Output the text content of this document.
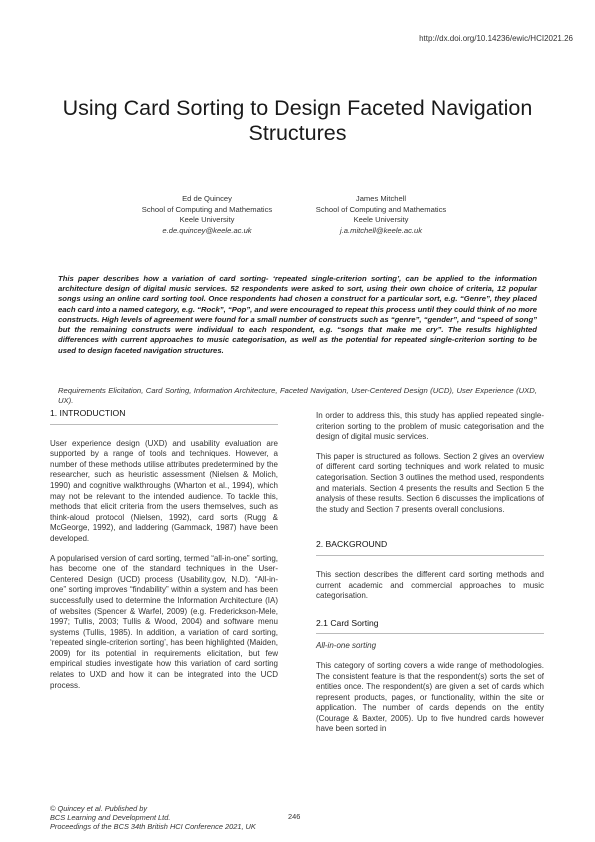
http://dx.doi.org/10.14236/ewic/HCI2021.26
Using Card Sorting to Design Faceted Navigation Structures
Ed de Quincey
School of Computing and Mathematics
Keele University
e.de.quincey@keele.ac.uk
James Mitchell
School of Computing and Mathematics
Keele University
j.a.mitchell@keele.ac.uk

This paper describes how a variation of card sorting- ‘repeated single-criterion sorting’, can be applied to the information architecture design of digital music services. 52 respondents were asked to sort, using their own choice of criteria, 12 popular songs using an online card sorting tool. Once respondents had chosen a construct for a particular sort, e.g. “Genre”, they placed each card into a named category, e.g. “Rock”, “Pop”, and were encouraged to repeat this process until they could think of no more constructs. High levels of agreement were found for a small number of constructs such as “genre”, “gender”, and “speed of song” but the remaining constructs were individual to each respondent, e.g. “songs that make me cry”. The results highlighted differences with current approaches to music categorisation, as well as the potential for repeated single-criterion sorting to be used to design faceted navigation structures.

Requirements Elicitation, Card Sorting, Information Architecture, Faceted Navigation, User-Centered Design (UCD), User Experience (UXD, UX).

1. INTRODUCTION

User experience design (UXD) and usability evaluation are supported by a range of tools and techniques. However, a number of these methods utilise attributes predetermined by the researcher, such as heuristic assessment (Nielsen & Molich, 1990) and cognitive walkthroughs (Wharton et al., 1994), which may not be relevant to the intended audience. To tackle this, methods that elicit criteria from the users themselves, such as think-aloud protocol (Nielsen, 1992), card sorts (Rugg & McGeorge, 1992), and laddering (Gammack, 1987) have been developed.

A popularised version of card sorting, termed “all-in-one” sorting, has become one of the standard techniques in the User-Centered Design (UCD) process (Usability.gov, N.D). “All-in-one” sorting improves “findability” within a system and has been successfully used to determine the Information Architecture (IA) of websites (Spencer & Warfel, 2009) (e.g. Frederickson-Mele, 1997; Tullis, 2003; Tullis & Wood, 2004) and software menu systems (Tullis, 1985). In addition, a variation of card sorting, ‘repeated single-criterion sorting’, has been highlighted (Maiden, 2009) for its potential in requirements elicitation, but few empirical studies investigate how this variation of card sorting relates to UXD and how it can be integrated into the UCD process.

In order to address this, this study has applied repeated single-criterion sorting to the problem of music categorisation and the design of digital music services.

This paper is structured as follows. Section 2 gives an overview of different card sorting techniques and work related to music categorisation. Section 3 outlines the method used, respondents and materials. Section 4 presents the results and Section 5 the analysis of these results. Section 6 discusses the implications of the study and Section 7 presents overall conclusions.

2. BACKGROUND

This section describes the different card sorting methods and current academic and commercial approaches to music categorisation.

2.1 Card Sorting

All-in-one sorting

This category of sorting covers a wide range of methodologies. The consistent feature is that the respondent(s) sorts the set of entities once. The respondent(s) are given a set of cards which represent products, pages, or functionality, within the site or application. The number of cards depends on the entity (Courage & Baxter, 2005). Up to five hundred cards however have been sorted in

© Quincey et al. Published by
BCS Learning and Development Ltd.
Proceedings of the BCS 34th British HCI Conference 2021, UK
246
